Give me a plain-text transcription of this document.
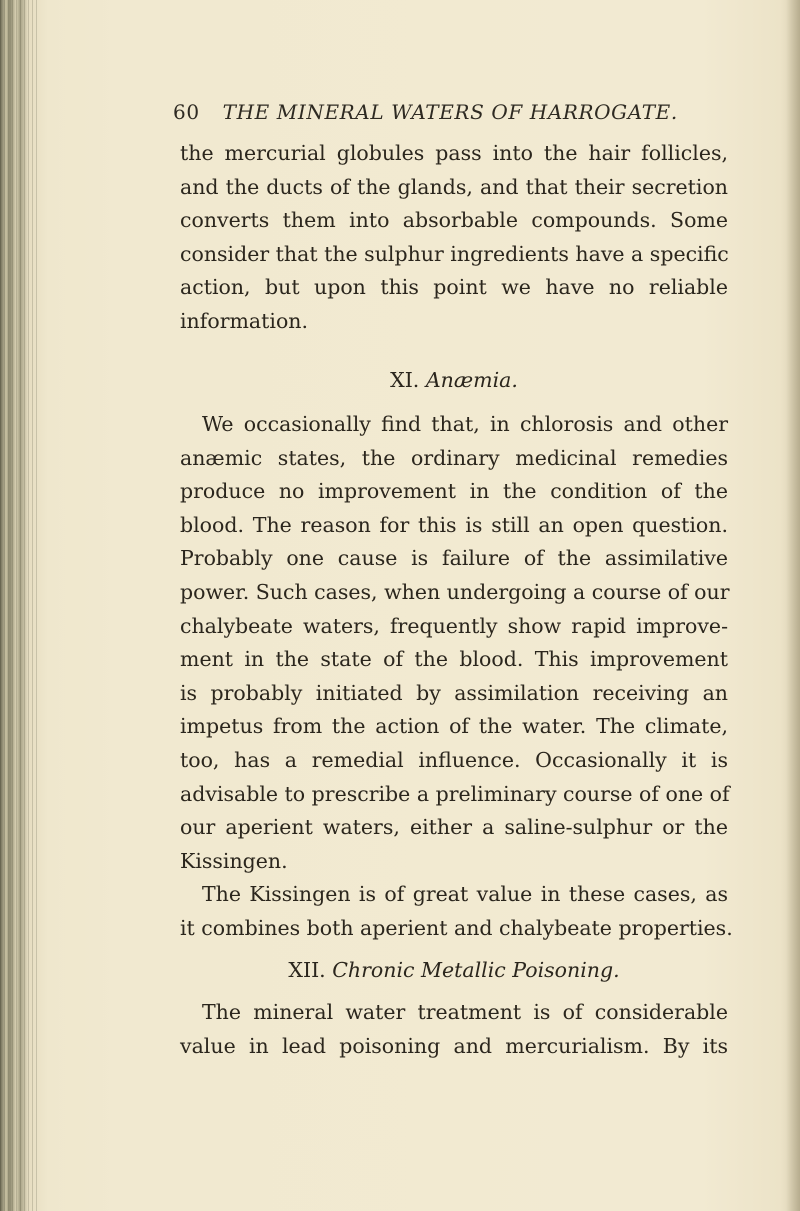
60 THE MINERAL WATERS OF HARROGATE.
the mercurial globules pass into the hair follicles,
and the ducts of the glands, and that their secretion
converts them into absorbable compounds. Some
consider that the sulphur ingredients have a specific
action, but upon this point we have no reliable
information.
XI. Anæmia.
We occasionally find that, in chlorosis and other
anæmic states, the ordinary medicinal remedies
produce no improvement in the condition of the
blood. The reason for this is still an open question.
Probably one cause is failure of the assimilative
power. Such cases, when undergoing a course of our
chalybeate waters, frequently show rapid improve-
ment in the state of the blood. This improvement
is probably initiated by assimilation receiving an
impetus from the action of the water. The climate,
too, has a remedial influence. Occasionally it is
advisable to prescribe a preliminary course of one of
our aperient waters, either a saline-sulphur or the
Kissingen.
The Kissingen is of great value in these cases, as
it combines both aperient and chalybeate properties.
XII. Chronic Metallic Poisoning.
The mineral water treatment is of considerable
value in lead poisoning and mercurialism. By its
